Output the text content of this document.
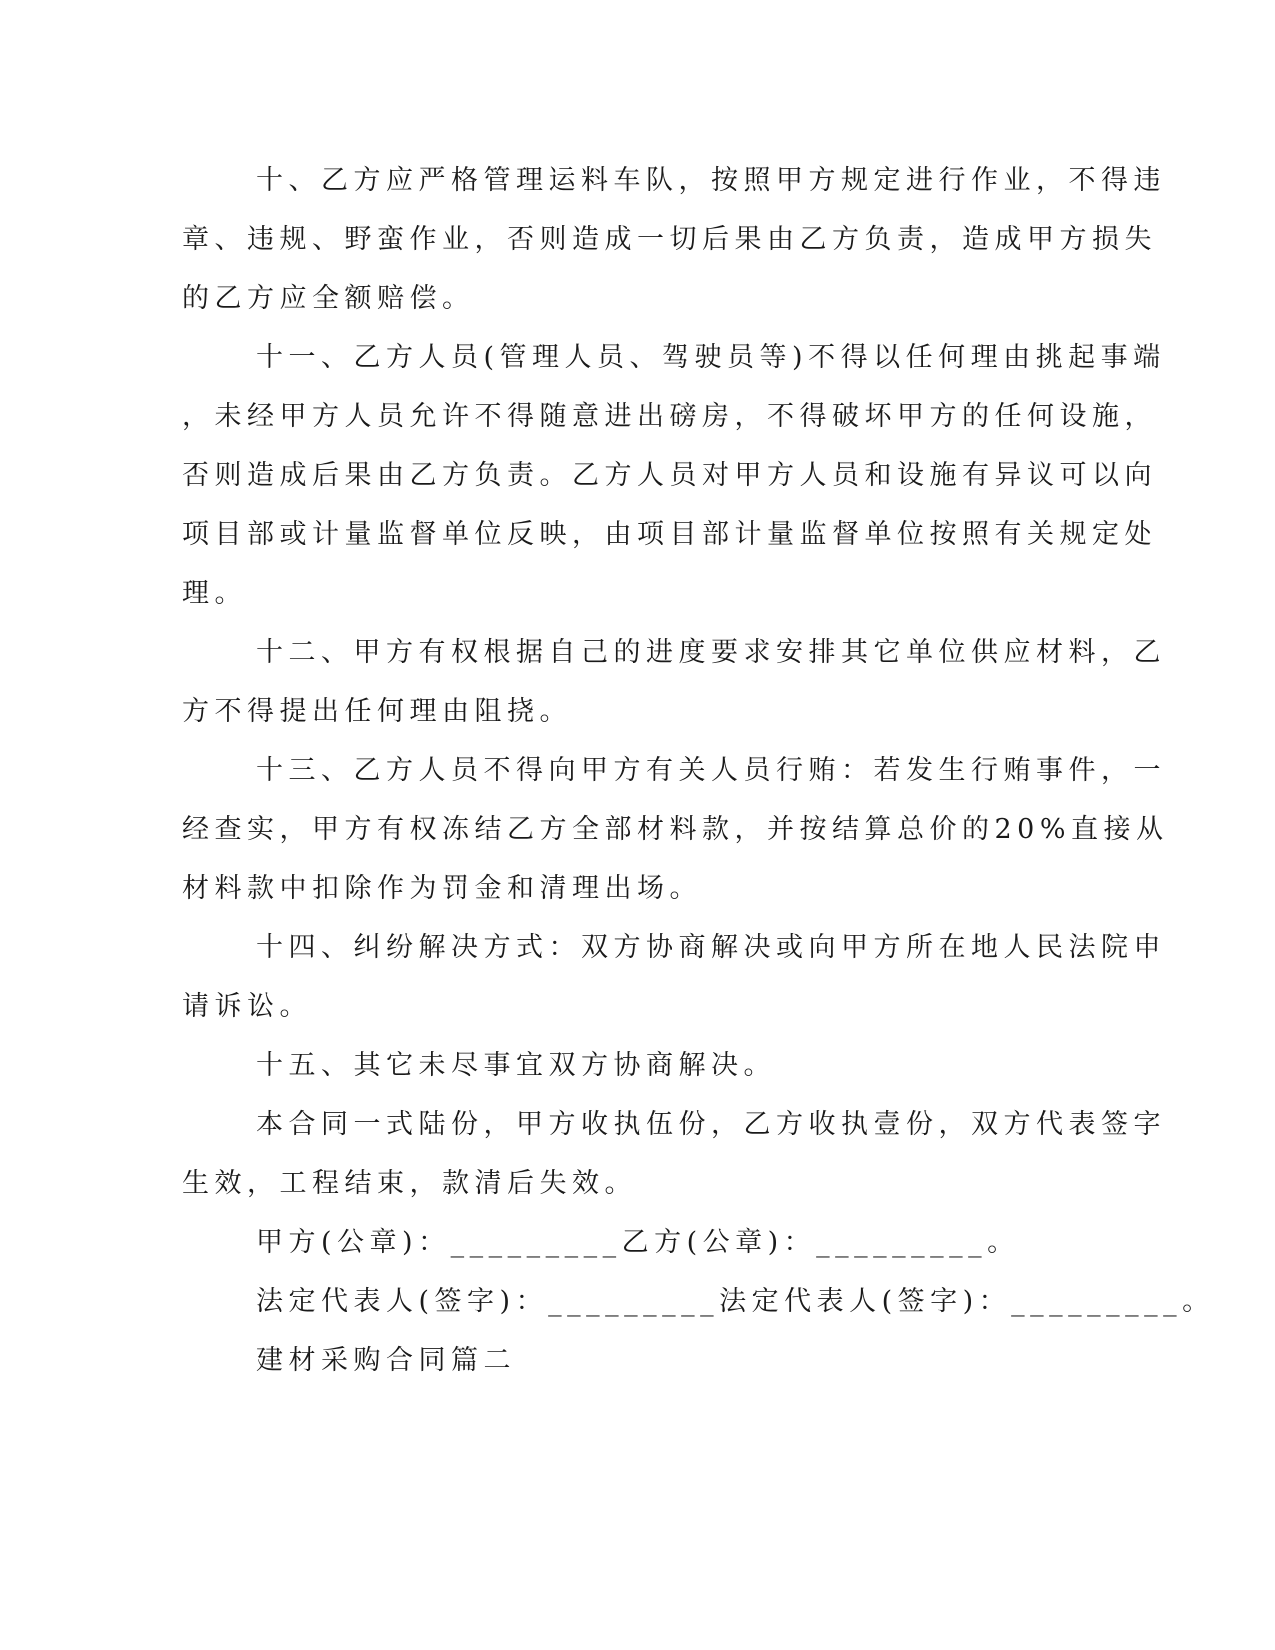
十、乙方应严格管理运料车队，按照甲方规定进行作业，不得违
章、违规、野蛮作业，否则造成一切后果由乙方负责，造成甲方损失
的乙方应全额赔偿。
十一、乙方人员(管理人员、驾驶员等)不得以任何理由挑起事端
，未经甲方人员允许不得随意进出磅房，不得破坏甲方的任何设施，
否则造成后果由乙方负责。乙方人员对甲方人员和设施有异议可以向
项目部或计量监督单位反映，由项目部计量监督单位按照有关规定处
理。
十二、甲方有权根据自己的进度要求安排其它单位供应材料，乙
方不得提出任何理由阻挠。
十三、乙方人员不得向甲方有关人员行贿：若发生行贿事件，一
经查实，甲方有权冻结乙方全部材料款，并按结算总价的20%直接从
材料款中扣除作为罚金和清理出场。
十四、纠纷解决方式：双方协商解决或向甲方所在地人民法院申
请诉讼。
十五、其它未尽事宜双方协商解决。
本合同一式陆份，甲方收执伍份，乙方收执壹份，双方代表签字
生效，工程结束，款清后失效。
甲方(公章)：_________乙方(公章)：_________。
法定代表人(签字)：_________法定代表人(签字)：_________。
建材采购合同篇二
